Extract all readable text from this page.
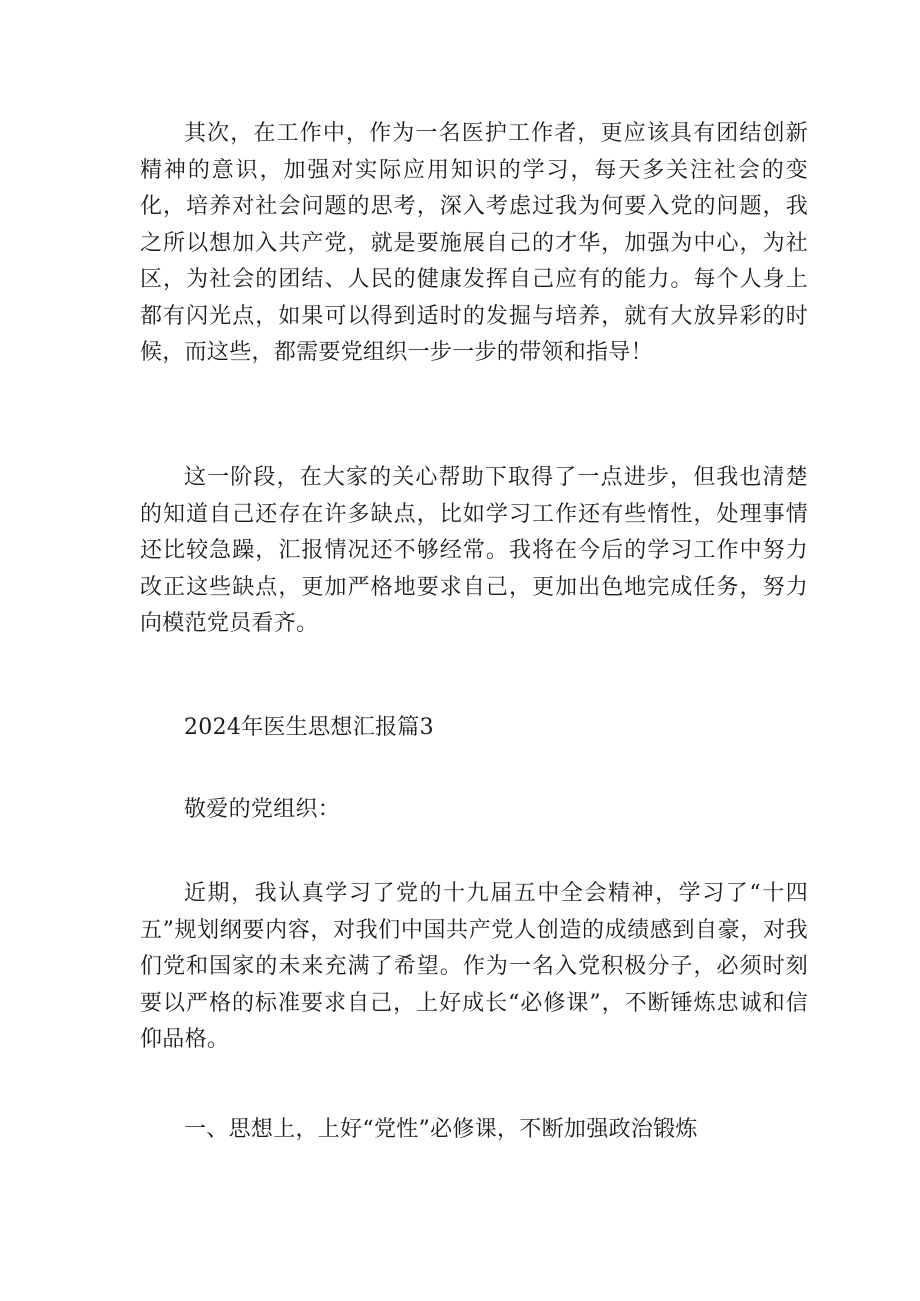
其次，在工作中，作为一名医护工作者，更应该具有团结创新精神的意识，加强对实际应用知识的学习，每天多关注社会的变化，培养对社会问题的思考，深入考虑过我为何要入党的问题，我之所以想加入共产党，就是要施展自己的才华，加强为中心，为社区，为社会的团结、人民的健康发挥自己应有的能力。每个人身上都有闪光点，如果可以得到适时的发掘与培养，就有大放异彩的时候，而这些，都需要党组织一步一步的带领和指导！

这一阶段，在大家的关心帮助下取得了一点进步，但我也清楚的知道自己还存在许多缺点，比如学习工作还有些惰性，处理事情还比较急躁，汇报情况还不够经常。我将在今后的学习工作中努力改正这些缺点，更加严格地要求自己，更加出色地完成任务，努力向模范党员看齐。

2024年医生思想汇报篇3

敬爱的党组织：

近期，我认真学习了党的十九届五中全会精神，学习了“十四五”规划纲要内容，对我们中国共产党人创造的成绩感到自豪，对我们党和国家的未来充满了希望。作为一名入党积极分子，必须时刻要以严格的标准要求自己，上好成长“必修课”，不断锤炼忠诚和信仰品格。

一、思想上，上好“党性”必修课，不断加强政治锻炼
